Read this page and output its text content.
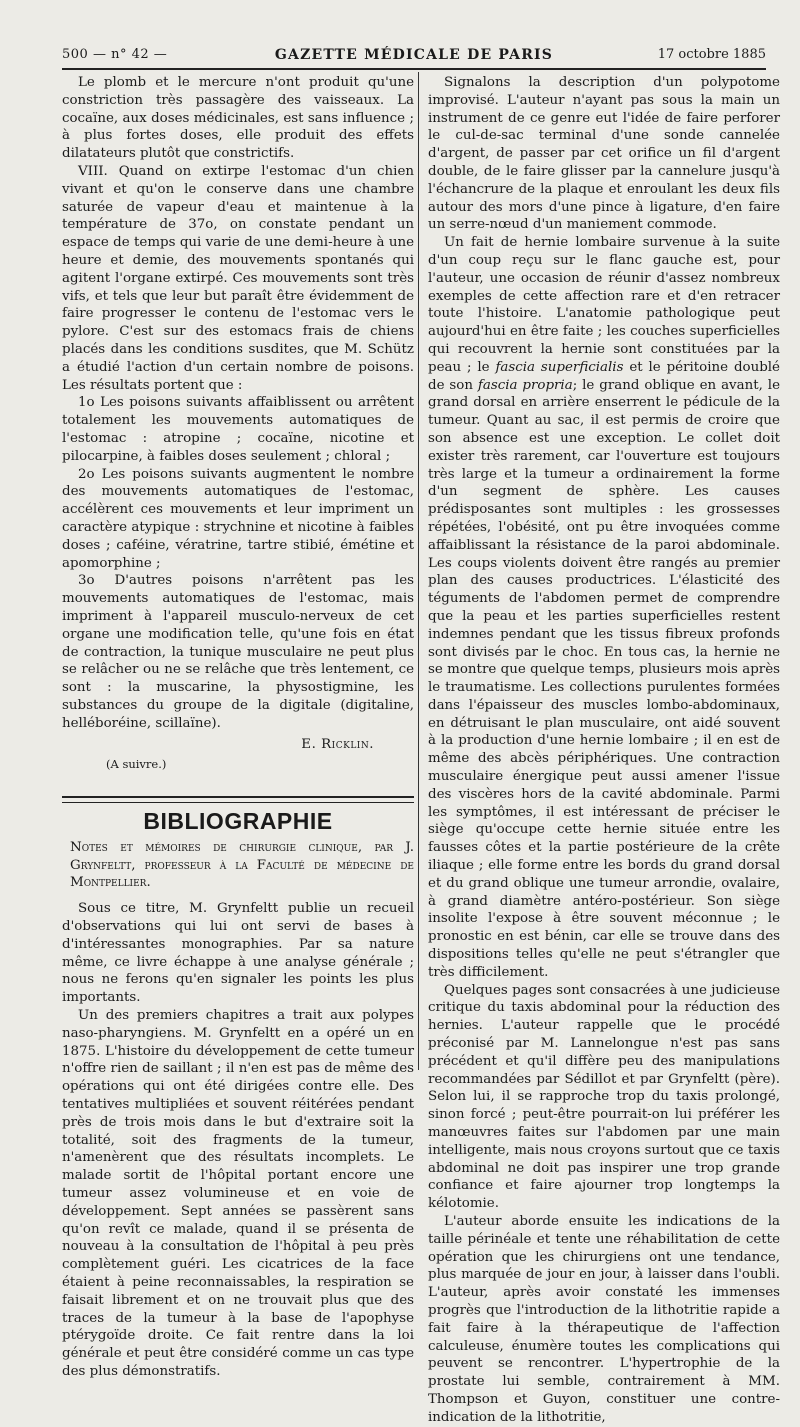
500 — n° 42 —	GAZETTE MÉDICALE DE PARIS	17 octobre 1885

Le plomb et le mercure n'ont produit qu'une constriction très passagère des vaisseaux. La cocaïne, aux doses médicinales, est sans influence ; à plus fortes doses, elle produit des effets dilatateurs plutôt que constrictifs.

VIII. Quand on extirpe l'estomac d'un chien vivant et qu'on le conserve dans une chambre saturée de vapeur d'eau et maintenue à la température de 37o, on constate pendant un espace de temps qui varie de une demi-heure à une heure et demie, des mouvements spontanés qui agitent l'organe extirpé. Ces mouvements sont très vifs, et tels que leur but paraît être évidemment de faire progresser le contenu de l'estomac vers le pylore. C'est sur des estomacs frais de chiens placés dans les conditions susdites, que M. Schütz a étudié l'action d'un certain nombre de poisons. Les résultats portent que :

1o Les poisons suivants affaiblissent ou arrêtent totalement les mouvements automatiques de l'estomac : atropine ; cocaïne, nicotine et pilocarpine, à faibles doses seulement ; chloral ;

2o Les poisons suivants augmentent le nombre des mouvements automatiques de l'estomac, accélèrent ces mouvements et leur impriment un caractère atypique : strychnine et nicotine à faibles doses ; caféine, vératrine, tartre stibié, émétine et apomorphine ;

3o D'autres poisons n'arrêtent pas les mouvements automatiques de l'estomac, mais impriment à l'appareil musculo-nerveux de cet organe une modification telle, qu'une fois en état de contraction, la tunique musculaire ne peut plus se relâcher ou ne se relâche que très lentement, ce sont : la muscarine, la physostigmine, les substances du groupe de la digitale (digitaline, helléboréine, scillaïne).

E. Ricklin.
(A suivre.)
BIBLIOGRAPHIE

Notes et mémoires de chirurgie clinique, par J. Grynfeltt, professeur à la Faculté de médecine de Montpellier.

Sous ce titre, M. Grynfeltt publie un recueil d'observations qui lui ont servi de bases à d'intéressantes monographies. Par sa nature même, ce livre échappe à une analyse générale ; nous ne ferons qu'en signaler les points les plus importants.

Un des premiers chapitres a trait aux polypes naso-pharyngiens. M. Grynfeltt en a opéré un en 1875. L'histoire du développement de cette tumeur n'offre rien de saillant ; il n'en est pas de même des opérations qui ont été dirigées contre elle. Des tentatives multipliées et souvent réitérées pendant près de trois mois dans le but d'extraire soit la totalité, soit des fragments de la tumeur, n'amenèrent que des résultats incomplets. Le malade sortit de l'hôpital portant encore une tumeur assez volumineuse et en voie de développement. Sept années se passèrent sans qu'on revît ce malade, quand il se présenta de nouveau à la consultation de l'hôpital à peu près complètement guéri. Les cicatrices de la face étaient à peine reconnaissables, la respiration se faisait librement et on ne trouvait plus que des traces de la tumeur à la base de l'apophyse ptérygoïde droite. Ce fait rentre dans la loi générale et peut être considéré comme un cas type des plus démonstratifs.

Signalons la description d'un polypotome improvisé. L'auteur n'ayant pas sous la main un instrument de ce genre eut l'idée de faire perforer le cul-de-sac terminal d'une sonde cannelée d'argent, de passer par cet orifice un fil d'argent double, de le faire glisser par la cannelure jusqu'à l'échancrure de la plaque et enroulant les deux fils autour des mors d'une pince à ligature, d'en faire un serre-nœud d'un maniement commode.

Un fait de hernie lombaire survenue à la suite d'un coup reçu sur le flanc gauche est, pour l'auteur, une occasion de réunir d'assez nombreux exemples de cette affection rare et d'en retracer toute l'histoire. L'anatomie pathologique peut aujourd'hui en être faite ; les couches superficielles qui recouvrent la hernie sont constituées par la peau ; le fascia superficialis et le péritoine doublé de son fascia propria; le grand oblique en avant, le grand dorsal en arrière enserrent le pédicule de la tumeur. Quant au sac, il est permis de croire que son absence est une exception. Le collet doit exister très rarement, car l'ouverture est toujours très large et la tumeur a ordinairement la forme d'un segment de sphère. Les causes prédisposantes sont multiples : les grossesses répétées, l'obésité, ont pu être invoquées comme affaiblissant la résistance de la paroi abdominale. Les coups violents doivent être rangés au premier plan des causes productrices. L'élasticité des téguments de l'abdomen permet de comprendre que la peau et les parties superficielles restent indemnes pendant que les tissus fibreux profonds sont divisés par le choc. En tous cas, la hernie ne se montre que quelque temps, plusieurs mois après le traumatisme. Les collections purulentes formées dans l'épaisseur des muscles lombo-abdominaux, en détruisant le plan musculaire, ont aidé souvent à la production d'une hernie lombaire ; il en est de même des abcès périphériques. Une contraction musculaire énergique peut aussi amener l'issue des viscères hors de la cavité abdominale. Parmi les symptômes, il est intéressant de préciser le siège qu'occupe cette hernie située entre les fausses côtes et la partie postérieure de la crête iliaque ; elle forme entre les bords du grand dorsal et du grand oblique une tumeur arrondie, ovalaire, à grand diamètre antéro-postérieur. Son siège insolite l'expose à être souvent méconnue ; le pronostic en est bénin, car elle se trouve dans des dispositions telles qu'elle ne peut s'étrangler que très difficilement.

Quelques pages sont consacrées à une judicieuse critique du taxis abdominal pour la réduction des hernies. L'auteur rappelle que le procédé préconisé par M. Lannelongue n'est pas sans précédent et qu'il diffère peu des manipulations recommandées par Sédillot et par Grynfeltt (père). Selon lui, il se rapproche trop du taxis prolongé, sinon forcé ; peut-être pourrait-on lui préférer les manœuvres faites sur l'abdomen par une main intelligente, mais nous croyons surtout que ce taxis abdominal ne doit pas inspirer une trop grande confiance et faire ajourner trop longtemps la kélotomie.

L'auteur aborde ensuite les indications de la taille périnéale et tente une réhabilitation de cette opération que les chirurgiens ont une tendance, plus marquée de jour en jour, à laisser dans l'oubli. L'auteur, après avoir constaté les immenses progrès que l'introduction de la lithotritie rapide a fait faire à la thérapeutique de l'affection calculeuse, énumère toutes les complications qui peuvent se rencontrer. L'hypertrophie de la prostate lui semble, contrairement à MM. Thompson et Guyon, constituer une contre-indication de la lithotritie,
